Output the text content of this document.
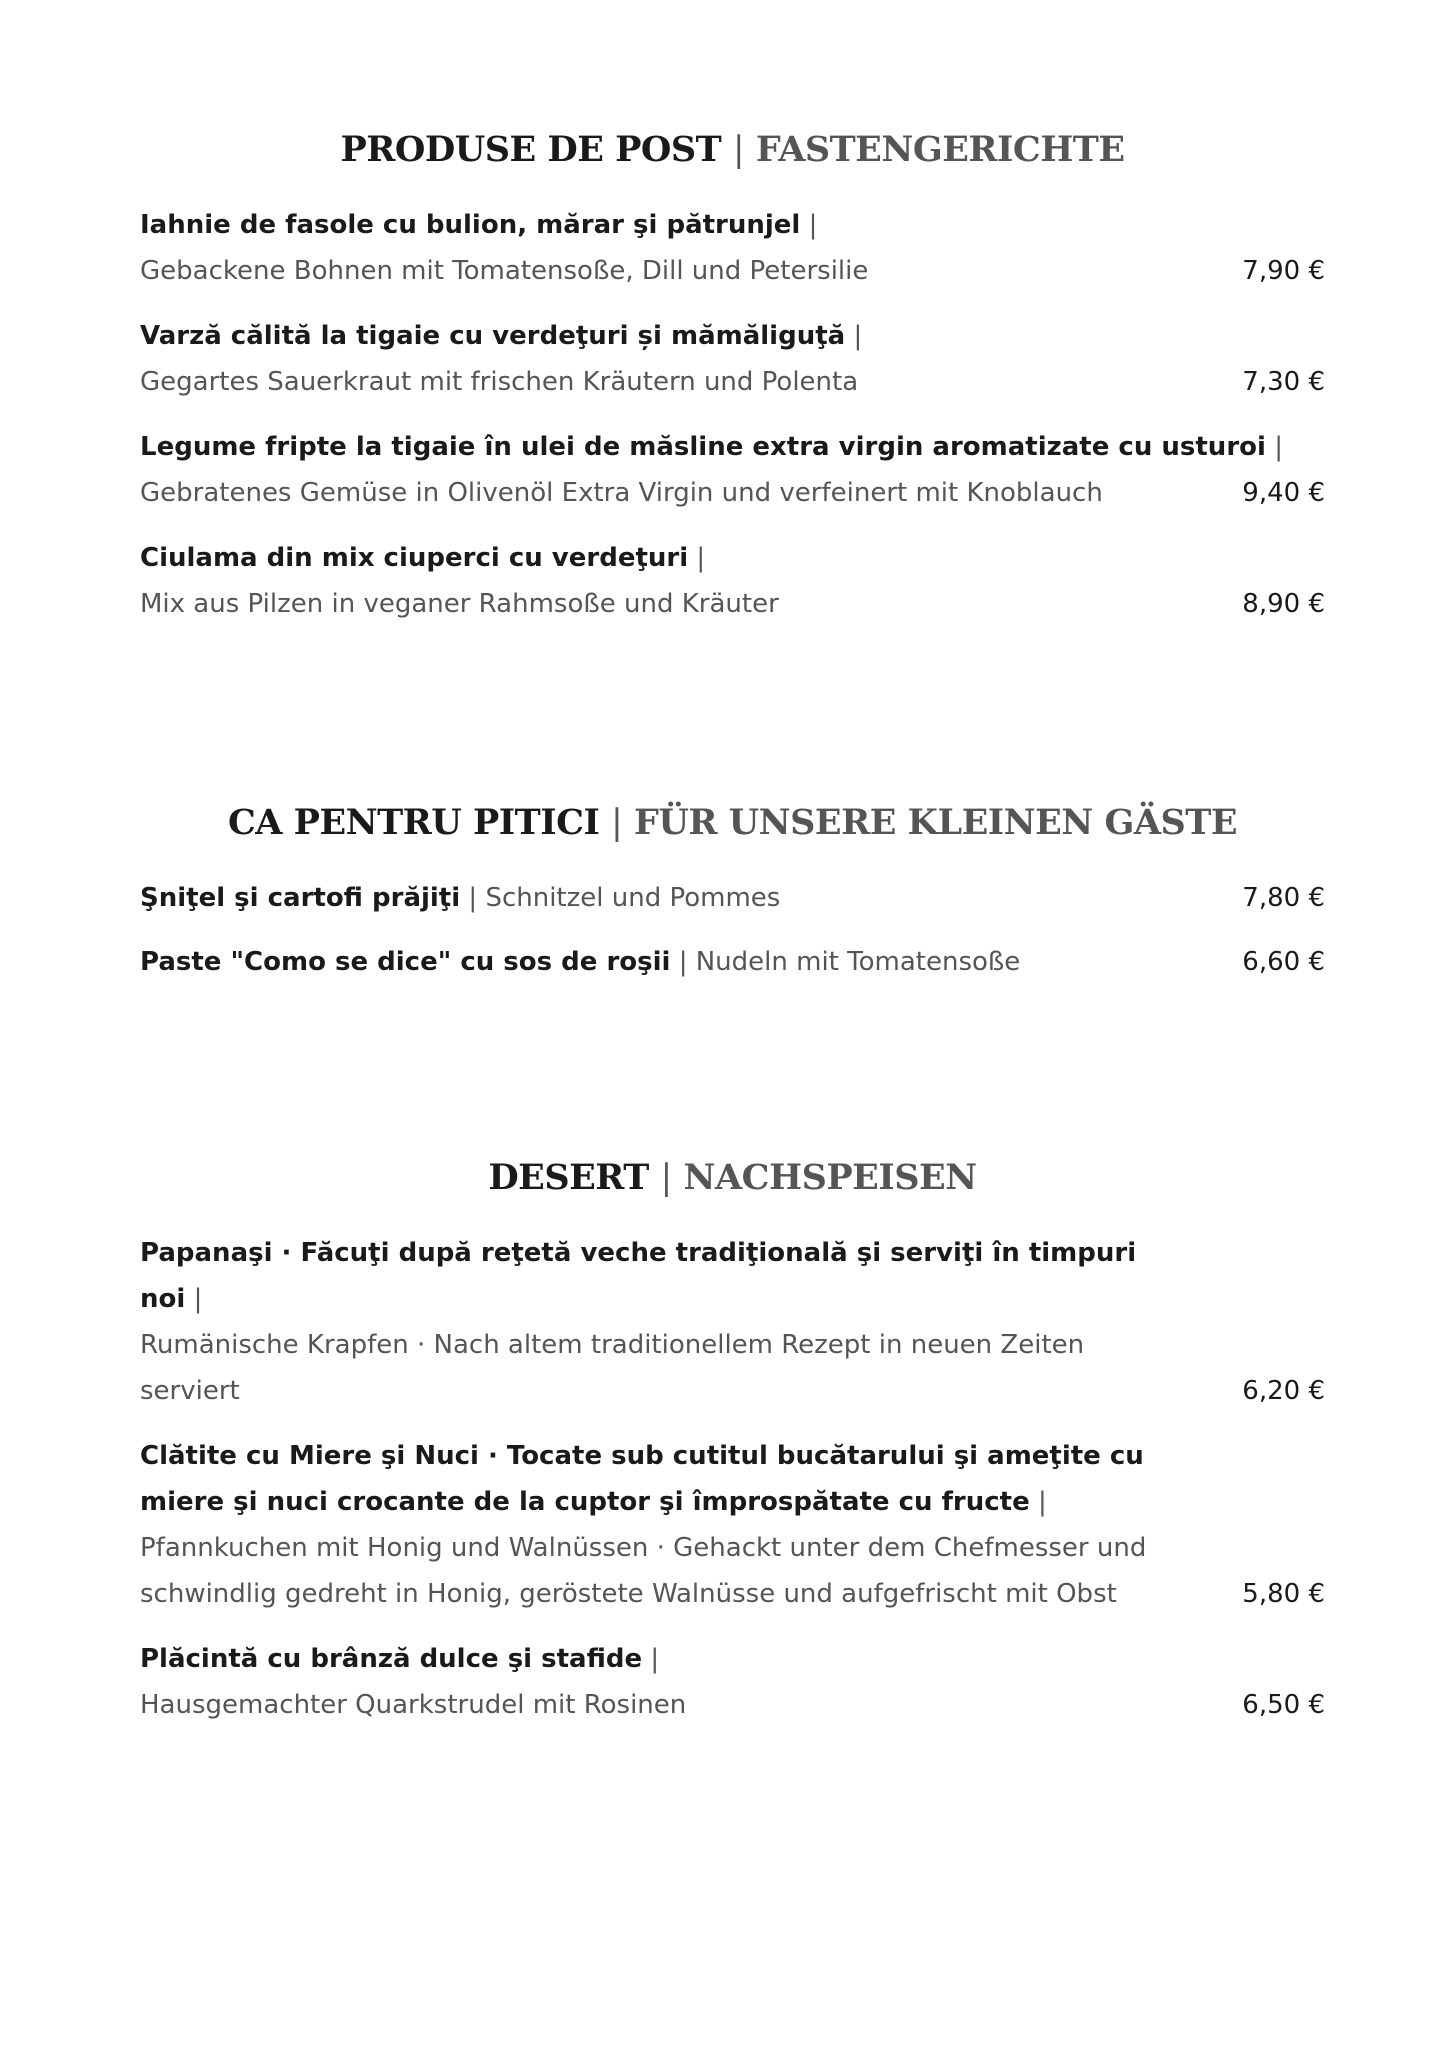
PRODUSE DE POST | FASTENGERICHTE
Iahnie de fasole cu bulion, mărar şi pătrunjel |
Gebackene Bohnen mit Tomatensoße, Dill und Petersilie	7,90 €
Varză călită la tigaie cu verdeţuri și mămăliguţă |
Gegartes Sauerkraut mit frischen Kräutern und Polenta	7,30 €
Legume fripte la tigaie în ulei de măsline extra virgin aromatizate cu usturoi |
Gebratenes Gemüse in Olivenöl Extra Virgin und verfeinert mit Knoblauch	9,40 €
Ciulama din mix ciuperci cu verdeţuri |
Mix aus Pilzen in veganer Rahmsoße und Kräuter	8,90 €
CA PENTRU PITICI | FÜR UNSERE KLEINEN GÄSTE
Şniţel şi cartofi prăjiţi | Schnitzel und Pommes	7,80 €
Paste "Como se dice" cu sos de roşii | Nudeln mit Tomatensoße	6,60 €
DESERT | NACHSPEISEN
Papanaşi · Făcuţi după reţetă veche tradiţională şi serviţi în timpuri noi |
Rumänische Krapfen · Nach altem traditionellem Rezept in neuen Zeiten serviert	6,20 €
Clătite cu Miere şi Nuci · Tocate sub cutitul bucătarului şi ameţite cu miere şi nuci crocante de la cuptor şi împrospătate cu fructe | Pfannkuchen mit Honig und Walnüssen · Gehackt unter dem Chefmesser und schwindlig gedreht in Honig, geröstete Walnüsse und aufgefrischt mit Obst	5,80 €
Plăcintă cu brânză dulce şi stafide |
Hausgemachter Quarkstrudel mit Rosinen	6,50 €
